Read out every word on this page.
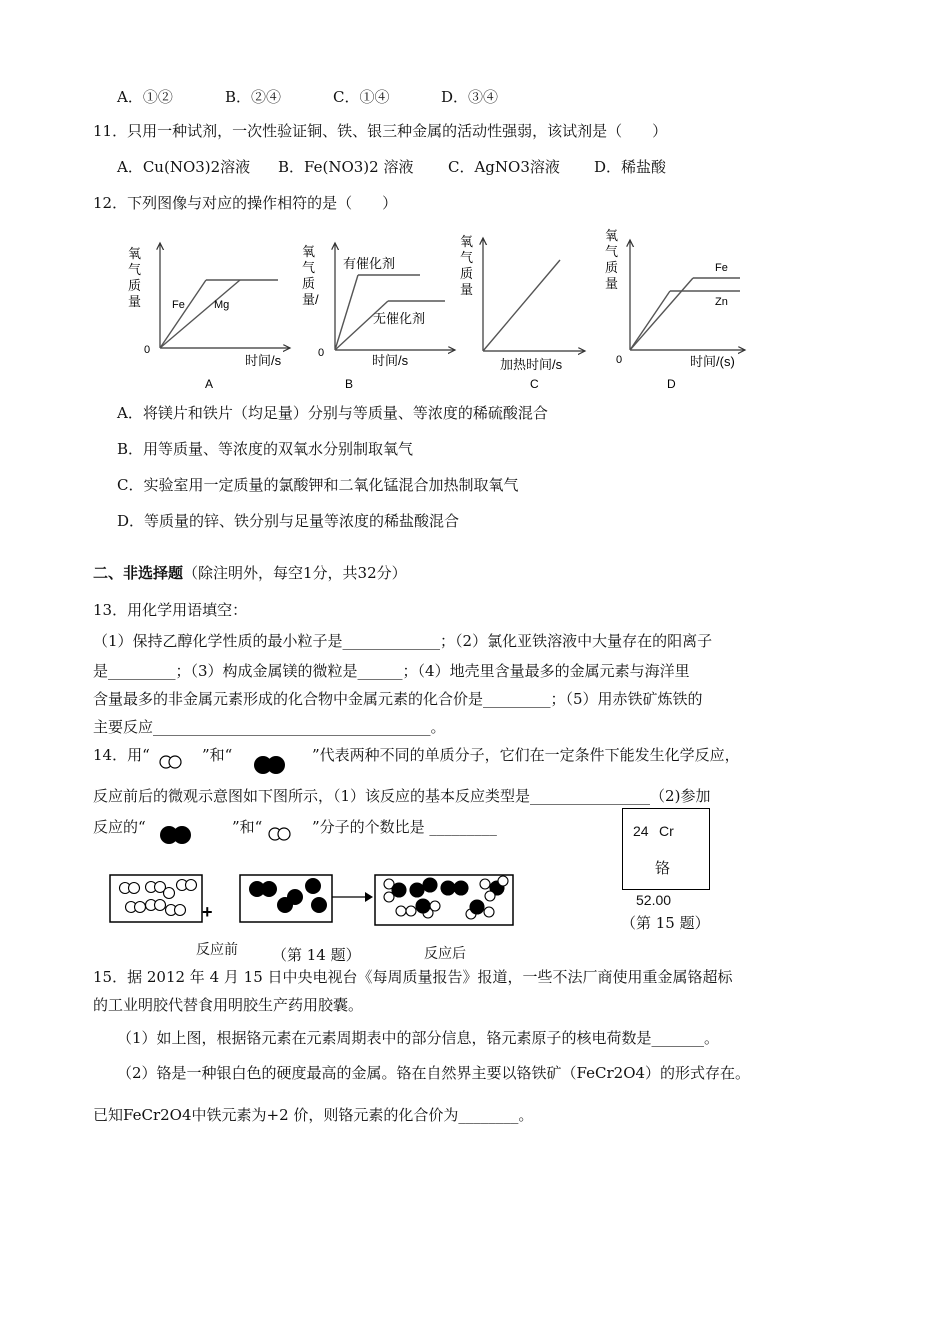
A．①②	B．②④	C．①④	D．③④
11．只用一种试剂，一次性验证铜、铁、银三种金属的活动性强弱，该试剂是（　　）
A．Cu(NO3)2溶液 B．Fe(NO3)2 溶液 C．AgNO3溶液 D．稀盐酸
12．下列图像与对应的操作相符的是（　　）
氧
气
质
量	Fe	Mg
0
时间/s
A
氧
气
质
量/
有催化剂
无催化剂
0	时间/s
B
氧
气
质
量
加热时间/s
C
氧
气
质
量
Fe
Zn
0	时间/(s)
D
A．将镁片和铁片（均足量）分别与等质量、等浓度的稀硫酸混合
B．用等质量、等浓度的双氧水分别制取氧气
C．实验室用一定质量的氯酸钾和二氧化锰混合加热制取氧气
D．等质量的锌、铁分别与足量等浓度的稀盐酸混合
二、非选择题（除注明外，每空1分，共32分）
13．用化学用语填空：
（1）保持乙醇化学性质的最小粒子是_____________；（2）氯化亚铁溶液中大量存在的阳离子
是_________；（3）构成金属镁的微粒是______；（4）地壳里含量最多的金属元素与海洋里
含量最多的非金属元素形成的化合物中金属元素的化合价是_________；（5）用赤铁矿炼铁的
主要反应_____________________________________。
14．用“	”和“	”代表两种不同的单质分子，它们在一定条件下能发生化学反应，
反应前后的微观示意图如下图所示，（1）该反应的基本反应类型是________________（2)参加
反应的“	”和“	”分子的个数比是 _________	24 Cr
铬
52.00
（第 15 题）
+
反应前 （第 14 题）	反应后
15．据 2012 年 4 月 15 日中央电视台《每周质量报告》报道，一些不法厂商使用重金属铬超标
的工业明胶代替食用明胶生产药用胶囊。
（1）如上图，根据铬元素在元素周期表中的部分信息，铬元素原子的核电荷数是_______。
（2）铬是一种银白色的硬度最高的金属。铬在自然界主要以铬铁矿（FeCr2O4）的形式存在。
已知FeCr2O4中铁元素为+2 价，则铬元素的化合价为________。
